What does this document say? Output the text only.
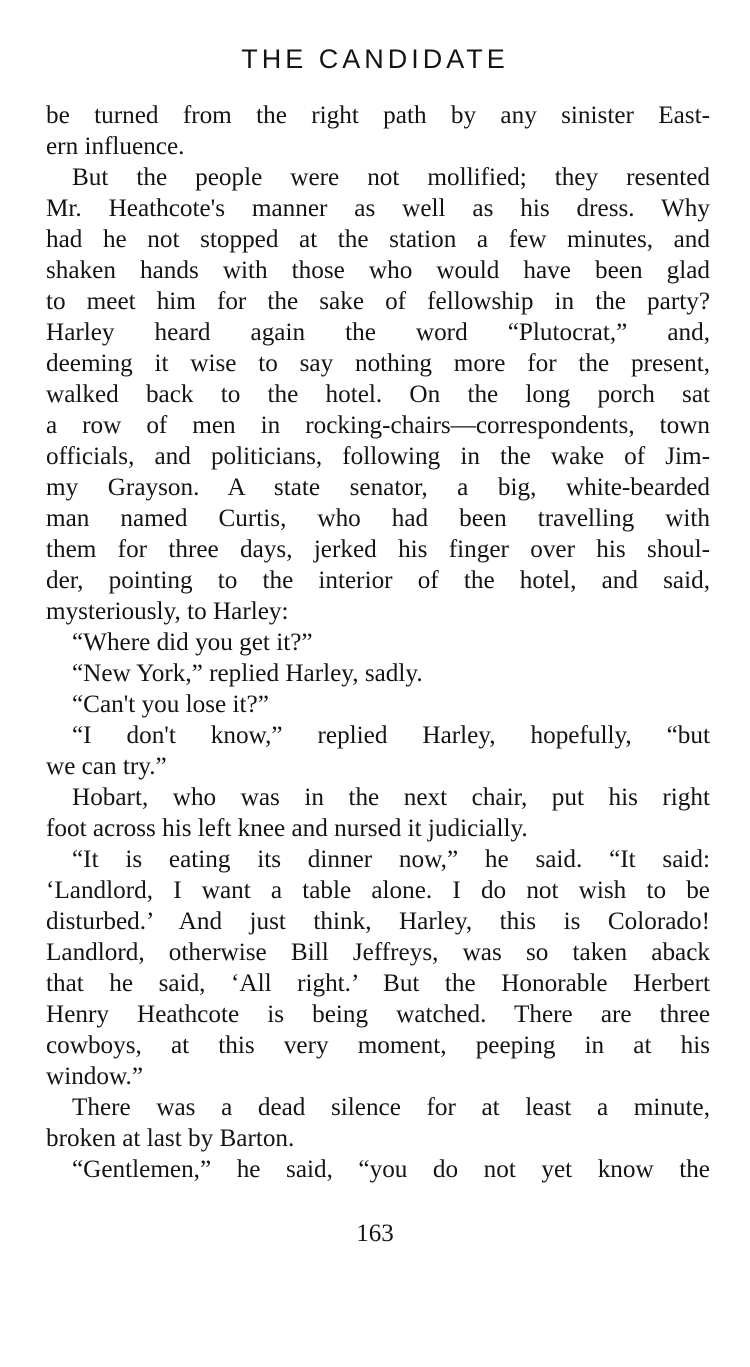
THE CANDIDATE
be turned from the right path by any sinister East-
ern influence.
But the people were not mollified; they resented
Mr. Heathcote's manner as well as his dress. Why
had he not stopped at the station a few minutes, and
shaken hands with those who would have been glad
to meet him for the sake of fellowship in the party?
Harley heard again the word “Plutocrat,” and,
deeming it wise to say nothing more for the present,
walked back to the hotel. On the long porch sat
a row of men in rocking-chairs—correspondents, town
officials, and politicians, following in the wake of Jim-
my Grayson. A state senator, a big, white-bearded
man named Curtis, who had been travelling with
them for three days, jerked his finger over his shoul-
der, pointing to the interior of the hotel, and said,
mysteriously, to Harley:
“Where did you get it?”
“New York,” replied Harley, sadly.
“Can't you lose it?”
“I don't know,” replied Harley, hopefully, “but
we can try.”
Hobart, who was in the next chair, put his right
foot across his left knee and nursed it judicially.
“It is eating its dinner now,” he said. “It said:
‘Landlord, I want a table alone. I do not wish to be
disturbed.’ And just think, Harley, this is Colorado!
Landlord, otherwise Bill Jeffreys, was so taken aback
that he said, ‘All right.’ But the Honorable Herbert
Henry Heathcote is being watched. There are three
cowboys, at this very moment, peeping in at his
window.”
There was a dead silence for at least a minute,
broken at last by Barton.
“Gentlemen,” he said, “you do not yet know the
163
